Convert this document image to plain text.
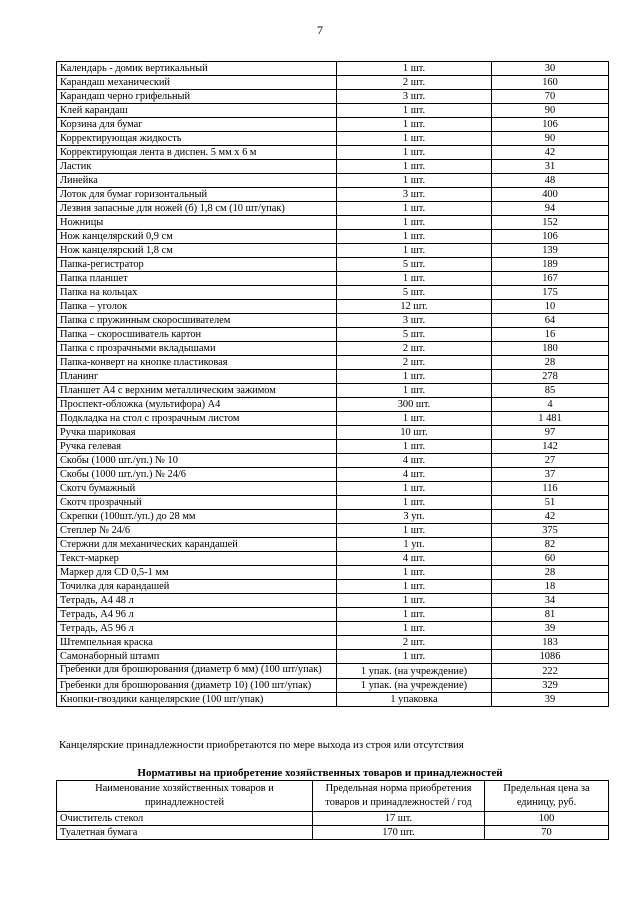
7
Календарь - домик вертикальный	1 шт.	30
Карандаш механический	2 шт.	160
Карандаш черно грифельный	3 шт.	70
Клей карандаш	1 шт.	90
Корзина для бумаг	1 шт.	106
Корректирующая жидкость	1 шт.	90
Корректирующая лента в диспен. 5 мм х 6 м	1 шт.	42
Ластик	1 шт.	31
Линейка	1 шт.	48
Лоток для бумаг горизонтальный	3 шт.	400
Лезвия запасные для ножей (б) 1,8 см (10 шт/упак)	1 шт.	94
Ножницы	1 шт.	152
Нож канцелярский 0,9 см	1 шт.	106
Нож канцелярский 1,8 см	1 шт.	139
Папка-регистратор	5 шт.	189
Папка планшет	1 шт.	167
Папка на кольцах	5 шт.	175
Папка – уголок	12 шт.	10
Папка с пружинным скоросшивателем	3 шт.	64
Папка – скоросшиватель картон	5 шт.	16
Папка с прозрачными вкладышами	2 шт.	180
Папка-конверт на кнопке пластиковая	2 шт.	28
Планинг	1 шт.	278
Планшет А4 с верхним металлическим зажимом	1 шт.	85
Проспект-обложка (мультифора) А4	300 шт.	4
Подкладка на стол с прозрачным листом	1 шт.	1 481
Ручка шариковая	10 шт.	97
Ручка гелевая	1 шт.	142
Скобы (1000 шт./уп.) № 10	4 шт.	27
Скобы (1000 шт./уп.) № 24/6	4 шт.	37
Скотч бумажный	1 шт.	116
Скотч прозрачный	1 шт.	51
Скрепки (100шт./уп.) до 28 мм	3 уп.	42
Степлер № 24/6	1 шт.	375
Стержни для механических карандашей	1 уп.	82
Текст-маркер	4 шт.	60
Маркер для CD 0,5-1 мм	1 шт.	28
Точилка для карандашей	1 шт.	18
Тетрадь, А4 48 л	1 шт.	34
Тетрадь, А4 96 л	1 шт.	81
Тетрадь, А5 96 л	1 шт.	39
Штемпельная краска	2 шт.	183
Самонаборный штамп	1 шт.	1086
Гребенки для брошюрования (диаметр 6 мм) (100 шт/упак)	1 упак. (на учреждение)	222
Гребенки для брошюрования (диаметр 10) (100 шт/упак)	1 упак. (на учреждение)	329
Кнопки-гвоздики канцелярские (100 шт/упак)	1 упаковка	39
Канцелярские принадлежности приобретаются по мере выхода из строя или отсутствия
Нормативы на приобретение хозяйственных товаров и принадлежностей
Наименование хозяйственных товаров и принадлежностей	Предельная норма приобретения товаров и принадлежностей / год	Предельная цена за единицу, руб.
Очиститель стекол	17 шт.	100
Туалетная бумага	170 шт.	70
